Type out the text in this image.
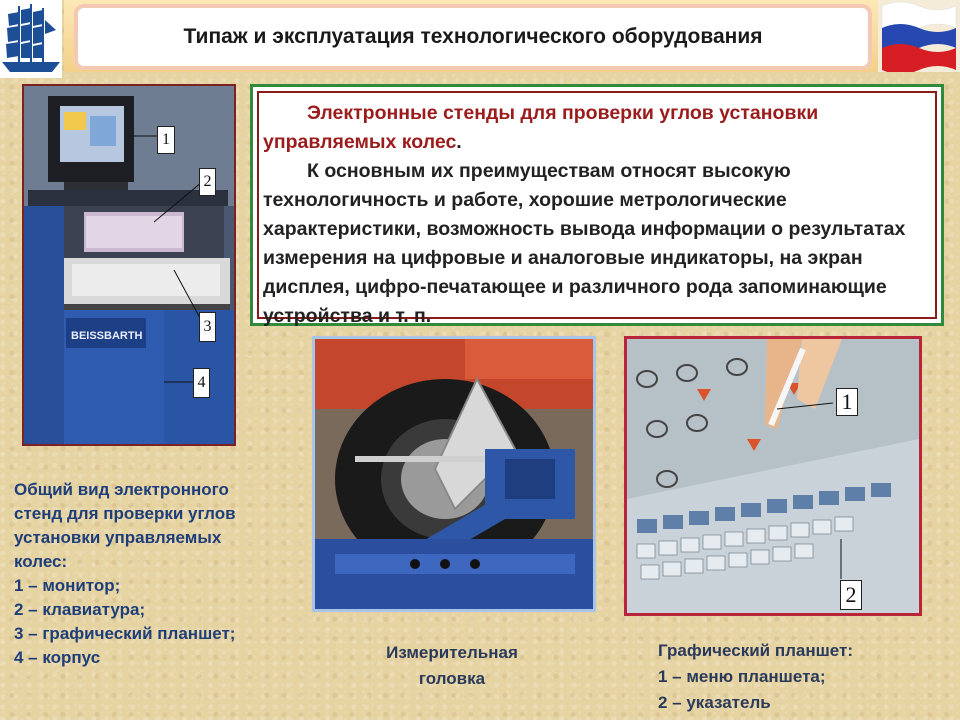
Типаж и эксплуатация технологического оборудования
BEISSBARTH
1
2
3
4
Электронные стенды для проверки углов установки управляемых колес.
К основным их преимуществам относят высокую технологичность и работе, хорошие метрологические характеристики, возможность вывода информации о результатах измерения на цифровые и аналоговые индикаторы, на экран дисплея, цифро-печатающее и различного рода запоминающие устройства и т. п.
1
2
Общий вид электронного
стенд для проверки углов
установки управляемых
колес:
1 – монитор;
2 – клавиатура;
3 – графический планшет;
4 – корпус	Измерительная
головка
Графический планшет:
1 – меню планшета;
2 – указатель
